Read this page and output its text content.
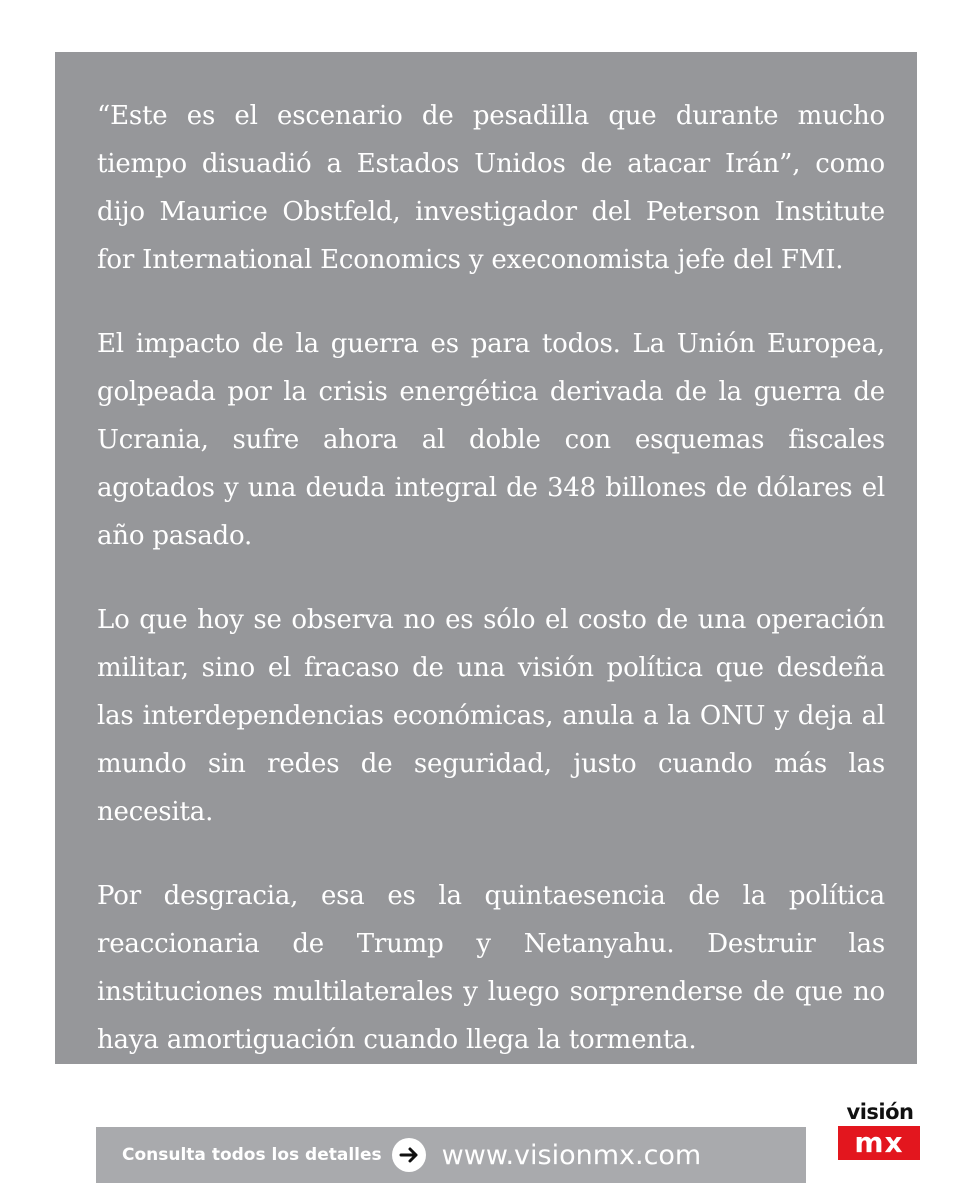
“Este es el escenario de pesadilla que durante mucho tiempo disuadió a Estados Unidos de atacar Irán”, como dijo Maurice Obstfeld, investigador del Peterson Institute for International Economics y execonomista jefe del FMI.

El impacto de la guerra es para todos. La Unión Europea, golpeada por la crisis energética derivada de la guerra de Ucrania, sufre ahora al doble con esquemas fiscales agotados y una deuda integral de 348 billones de dólares el año pasado.

Lo que hoy se observa no es sólo el costo de una operación militar, sino el fracaso de una visión política que desdeña las interdependencias económicas, anula a la ONU y deja al mundo sin redes de seguridad, justo cuando más las necesita.

Por desgracia, esa es la quintaesencia de la política reaccionaria de Trump y Netanyahu. Destruir las instituciones multilaterales y luego sorprenderse de que no haya amortiguación cuando llega la tormenta.

Consulta todos los detalles www.visionmx.com
visión
mx
